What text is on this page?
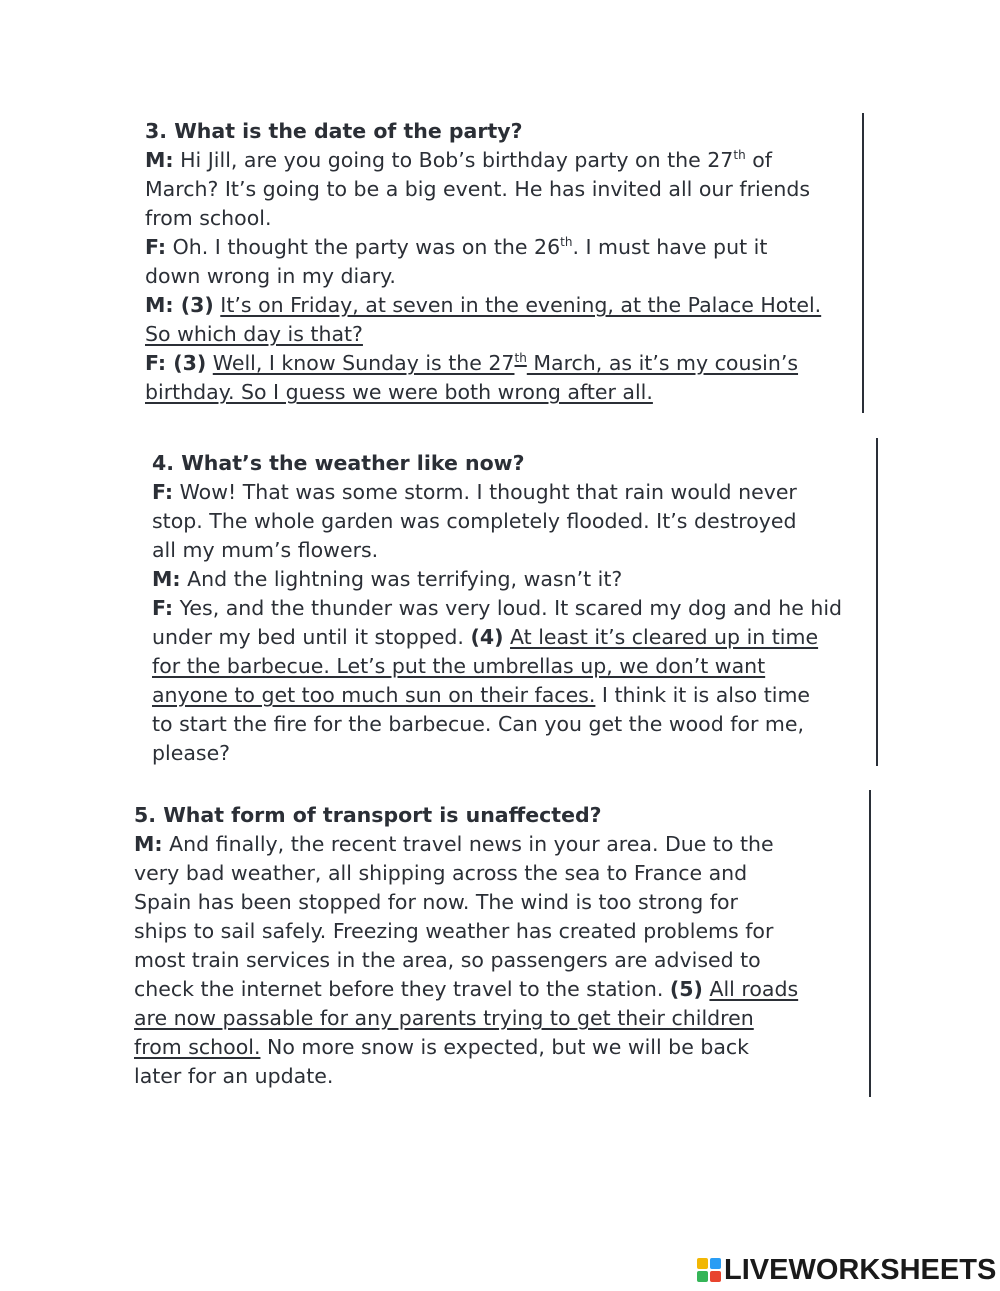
3. What is the date of the party?
M: Hi Jill, are you going to Bob’s birthday party on the 27th of
March? It’s going to be a big event. He has invited all our friends
from school.
F: Oh. I thought the party was on the 26th. I must have put it
down wrong in my diary.
M: (3) It’s on Friday, at seven in the evening, at the Palace Hotel.
So which day is that?
F: (3) Well, I know Sunday is the 27th March, as it’s my cousin’s
birthday. So I guess we were both wrong after all.
4. What’s the weather like now?
F: Wow! That was some storm. I thought that rain would never
stop. The whole garden was completely flooded. It’s destroyed
all my mum’s flowers.
M: And the lightning was terrifying, wasn’t it?
F: Yes, and the thunder was very loud. It scared my dog and he hid
under my bed until it stopped. (4) At least it’s cleared up in time
for the barbecue. Let’s put the umbrellas up, we don’t want
anyone to get too much sun on their faces. I think it is also time
to start the fire for the barbecue. Can you get the wood for me,
please?
5. What form of transport is unaffected?
M: And finally, the recent travel news in your area. Due to the
very bad weather, all shipping across the sea to France and
Spain has been stopped for now. The wind is too strong for
ships to sail safely. Freezing weather has created problems for
most train services in the area, so passengers are advised to
check the internet before they travel to the station. (5) All roads
are now passable for any parents trying to get their children
from school. No more snow is expected, but we will be back
later for an update.
LIVEWORKSHEETS
